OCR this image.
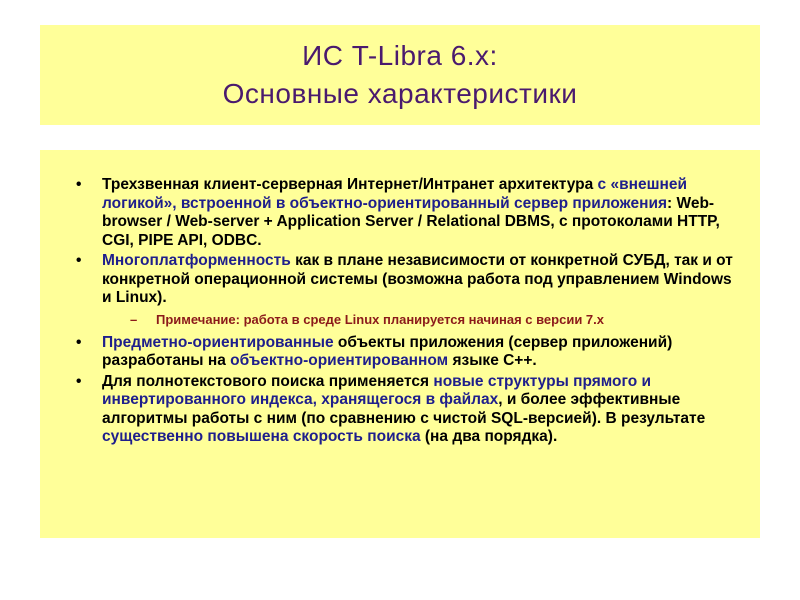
ИС T-Libra 6.x:
Основные характеристики
• Трехзвенная клиент-серверная Интернет/Интранет архитектура с «внешней логикой», встроенной в объектно-ориентированный сервер приложения: Web-browser / Web-server + Application Server / Relational DBMS, с протоколами HTTP, CGI, PIPE API, ODBC.
• Многоплатформенность как в плане независимости от конкретной СУБД, так и от конкретной операционной системы (возможна работа под управлением Windows и Linux).
– Примечание: работа в среде Linux планируется начиная с версии 7.x
• Предметно-ориентированные объекты приложения (сервер приложений) разработаны на объектно-ориентированном языке С++.
• Для полнотекстового поиска применяется новые структуры прямого и инвертированного индекса, хранящегося в файлах, и более эффективные алгоритмы работы с ним (по сравнению с чистой SQL-версией). В результате существенно повышена скорость поиска (на два порядка).
